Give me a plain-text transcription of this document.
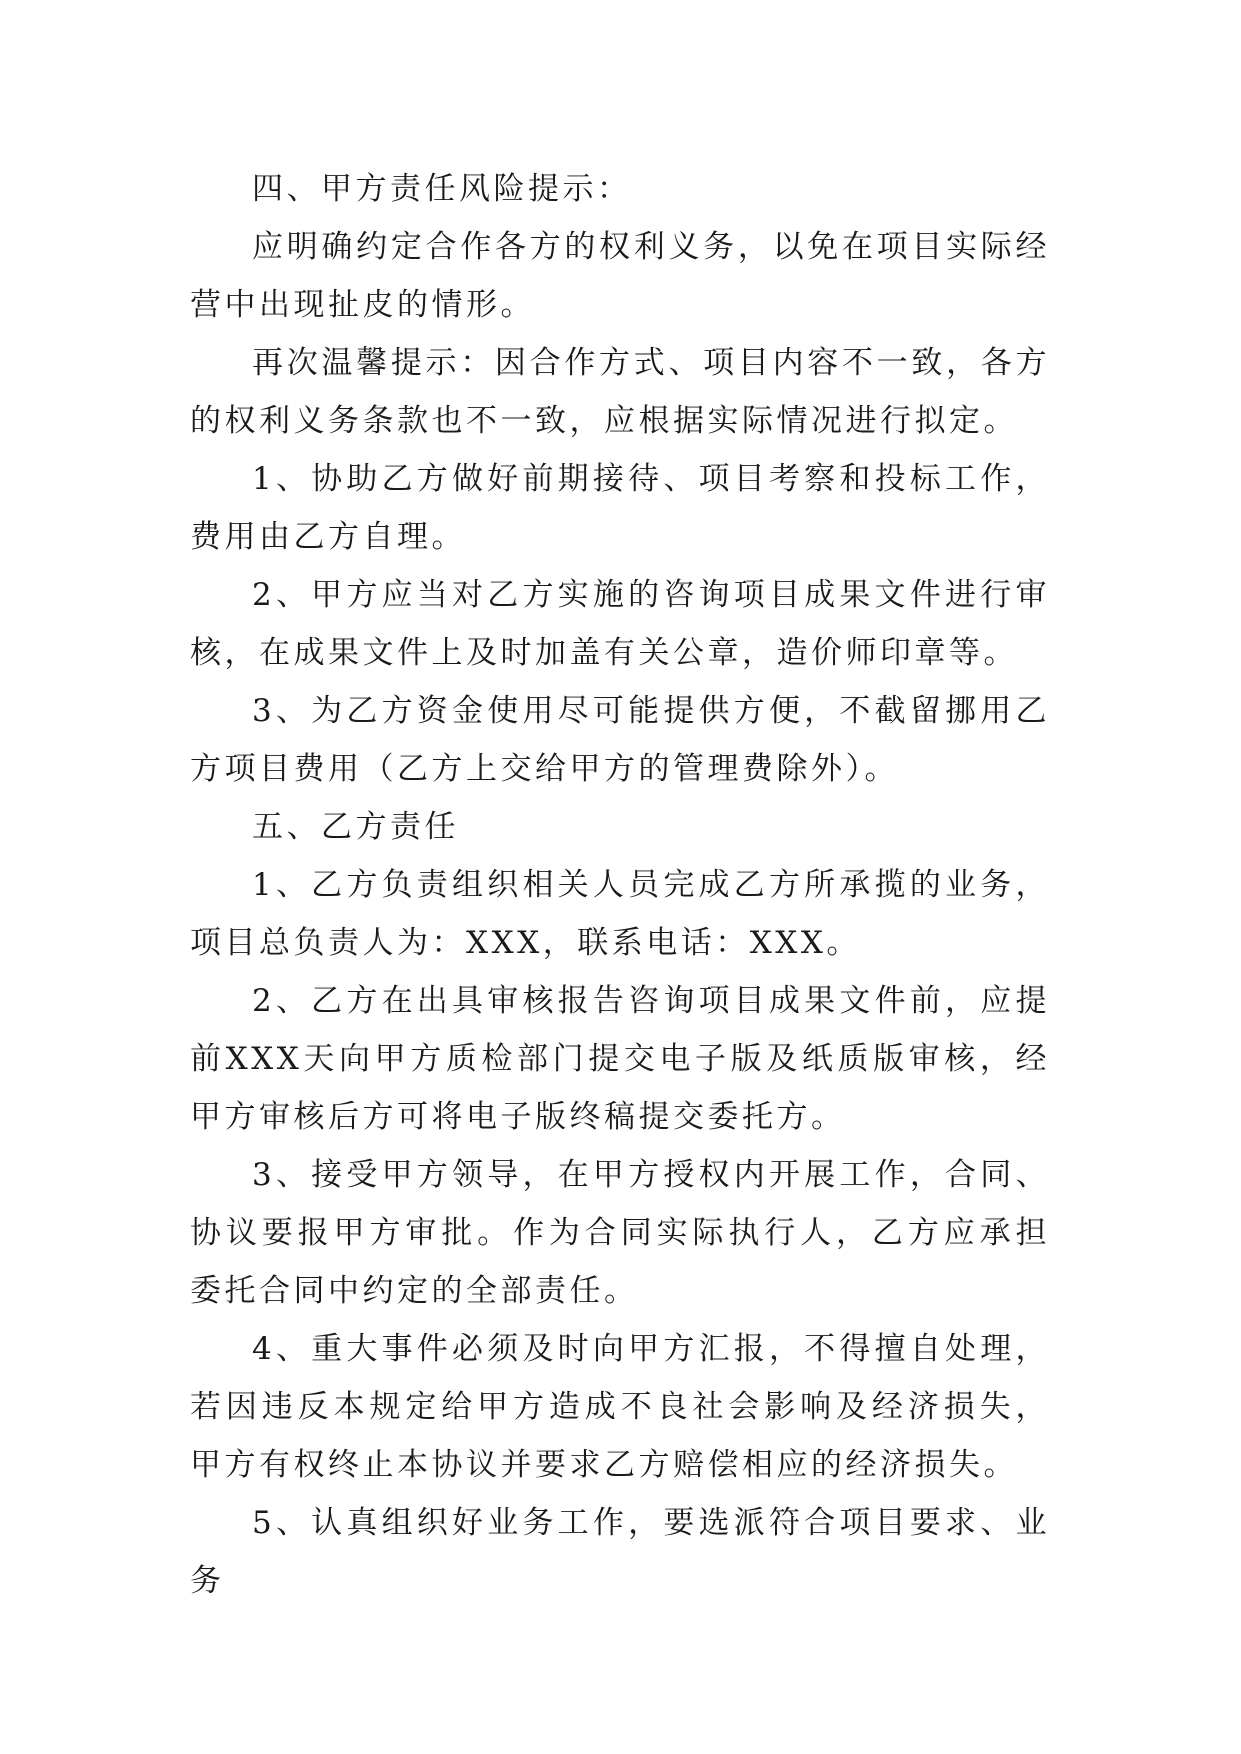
四、甲方责任风险提示：

应明确约定合作各方的权利义务，以免在项目实际经营中出现扯皮的情形。

再次温馨提示：因合作方式、项目内容不一致，各方的权利义务条款也不一致，应根据实际情况进行拟定。

1、协助乙方做好前期接待、项目考察和投标工作，费用由乙方自理。

2、甲方应当对乙方实施的咨询项目成果文件进行审核，在成果文件上及时加盖有关公章，造价师印章等。

3、为乙方资金使用尽可能提供方便，不截留挪用乙方项目费用（乙方上交给甲方的管理费除外）。

五、乙方责任

1、乙方负责组织相关人员完成乙方所承揽的业务，项目总负责人为：XXX，联系电话：XXX。

2、乙方在出具审核报告咨询项目成果文件前，应提前XXX天向甲方质检部门提交电子版及纸质版审核，经甲方审核后方可将电子版终稿提交委托方。

3、接受甲方领导，在甲方授权内开展工作，合同、协议要报甲方审批。作为合同实际执行人，乙方应承担委托合同中约定的全部责任。

4、重大事件必须及时向甲方汇报，不得擅自处理，若因违反本规定给甲方造成不良社会影响及经济损失，甲方有权终止本协议并要求乙方赔偿相应的经济损失。

5、认真组织好业务工作，要选派符合项目要求、业务
